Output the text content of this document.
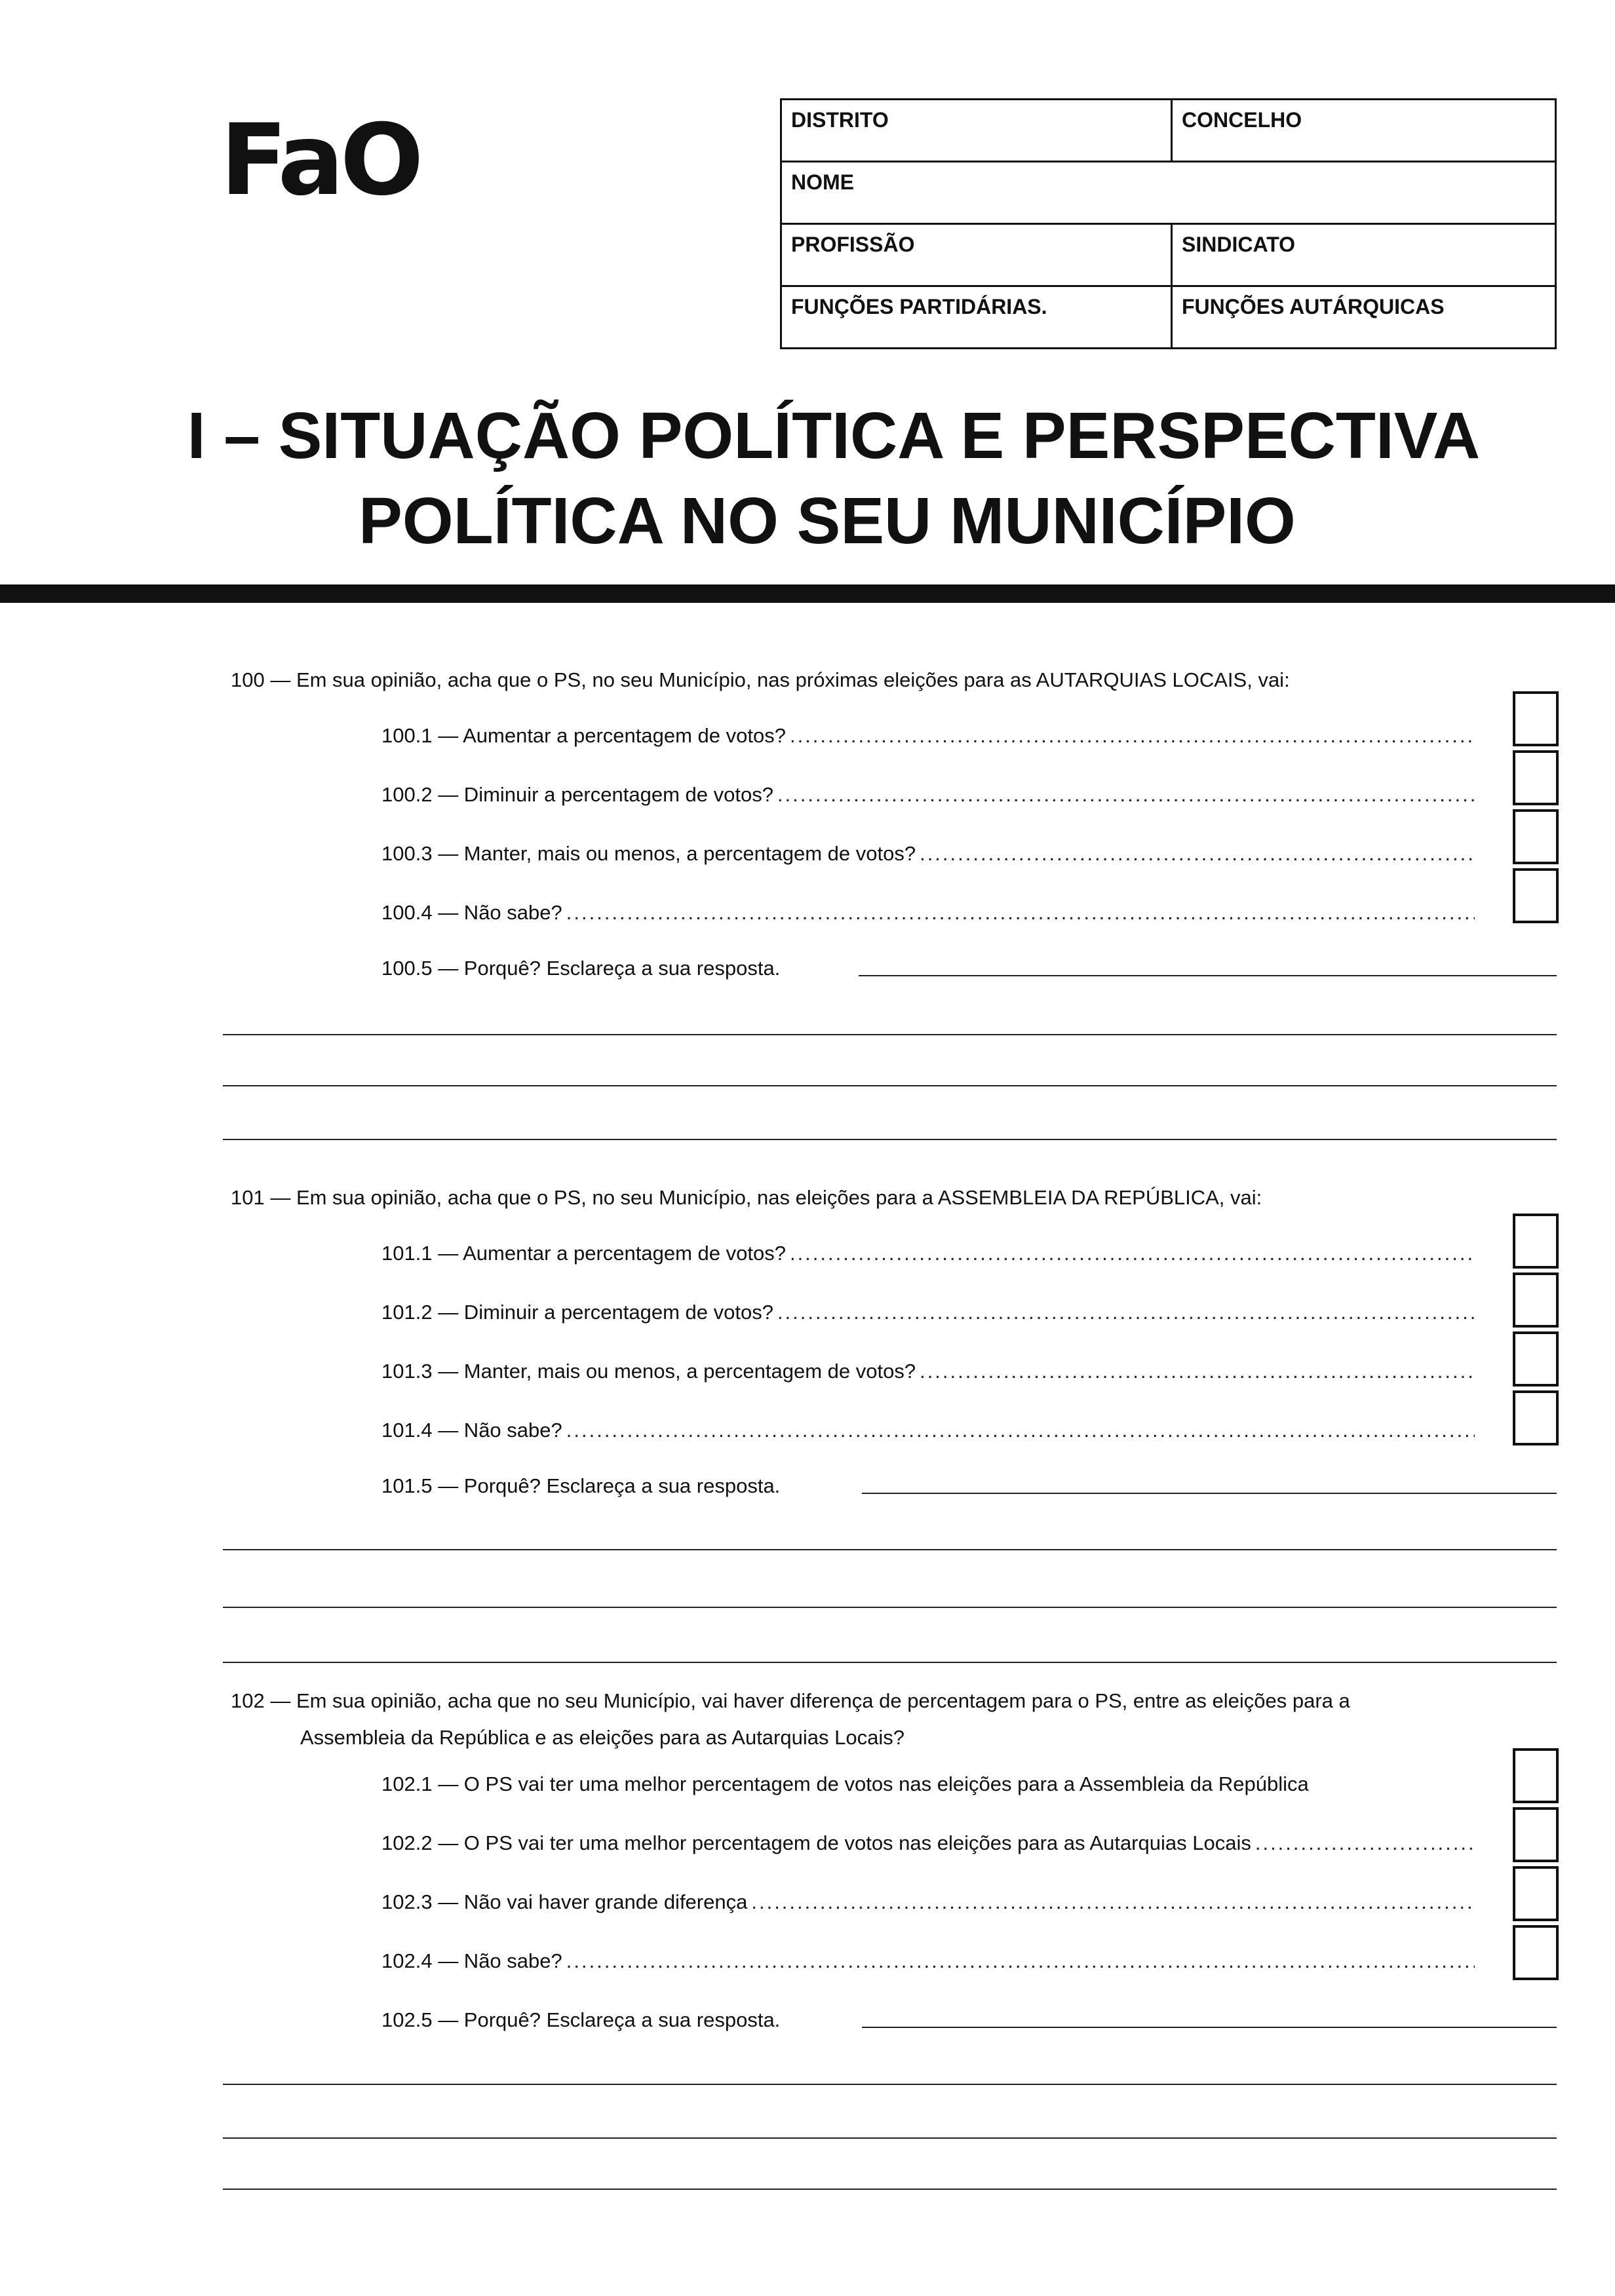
FaO	DISTRITO	CONCELHO
NOME	
PROFISSÃO	SINDICATO
FUNÇÕES PARTIDÁRIAS.	FUNÇÕES AUTÁRQUICAS
I – SITUAÇÃO POLÍTICA E PERSPECTIVA
POLÍTICA NO SEU MUNICÍPIO
100 — Em sua opinião, acha que o PS, no seu Município, nas próximas eleições para as AUTARQUIAS LOCAIS, vai:
100.1 — Aumentar a percentagem de votos?
.....
100.2 — Diminuir a percentagem de votos?
.....
100.3 — Manter, mais ou menos, a percentagem de votos?
.....
100.4 — Não sabe?
.....
100.5 — Porquê? Esclareça a sua resposta.
101 — Em sua opinião, acha que o PS, no seu Município, nas eleições para a ASSEMBLEIA DA REPÚBLICA, vai:
101.1 — Aumentar a percentagem de votos?
.....
101.2 — Diminuir a percentagem de votos?
.....
101.3 — Manter, mais ou menos, a percentagem de votos?
.....
101.4 — Não sabe?
.....
101.5 — Porquê? Esclareça a sua resposta.
102 — Em sua opinião, acha que no seu Município, vai haver diferença de percentagem para o PS, entre as eleições para a
Assembleia da República e as eleições para as Autarquias Locais?
102.1 — O PS vai ter uma melhor percentagem de votos nas eleições para a Assembleia da República
102.2 — O PS vai ter uma melhor percentagem de votos nas eleições para as Autarquias Locais
.....
102.3 — Não vai haver grande diferença
.....
102.4 — Não sabe?
.....
102.5 — Porquê? Esclareça a sua resposta.
